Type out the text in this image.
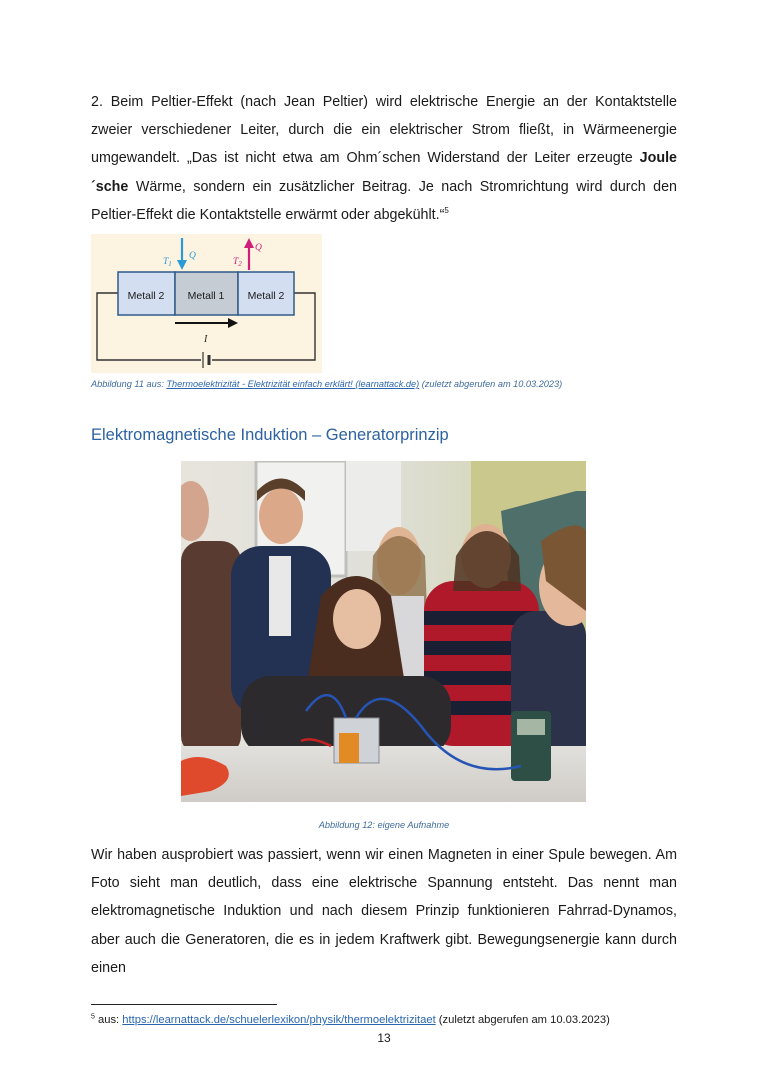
2. Beim Peltier-Effekt (nach Jean Peltier) wird elektrische Energie an der Kontaktstelle zweier verschiedener Leiter, durch die ein elektrischer Strom fließt, in Wärmeenergie umgewandelt. „Das ist nicht etwa am Ohm´schen Widerstand der Leiter erzeugte Joule´sche Wärme, sondern ein zusätzlicher Beitrag. Je nach Stromrichtung wird durch den Peltier-Effekt die Kontaktstelle erwärmt oder abgekühlt.“$^5$

Metall 2 Metall 1 Metall 2
I
Q
$T_1$
Q
$T_2$

Abbildung 11 aus: Thermoelektrizität - Elektrizität einfach erklärt! (learnattack.de) (zuletzt abgerufen am 10.03.2023)

Elektromagnetische Induktion – Generatorprinzip

Abbildung 12: eigene Aufnahme

Wir haben ausprobiert was passiert, wenn wir einen Magneten in einer Spule bewegen. Am Foto sieht man deutlich, dass eine elektrische Spannung entsteht. Das nennt man elektromagnetische Induktion und nach diesem Prinzip funktionieren Fahrrad-Dynamos, aber auch die Generatoren, die es in jedem Kraftwerk gibt. Bewegungsenergie kann durch einen

$^5$ aus: https://learnattack.de/schuelerlexikon/physik/thermoelektrizitaet (zuletzt abgerufen am 10.03.2023)

13
